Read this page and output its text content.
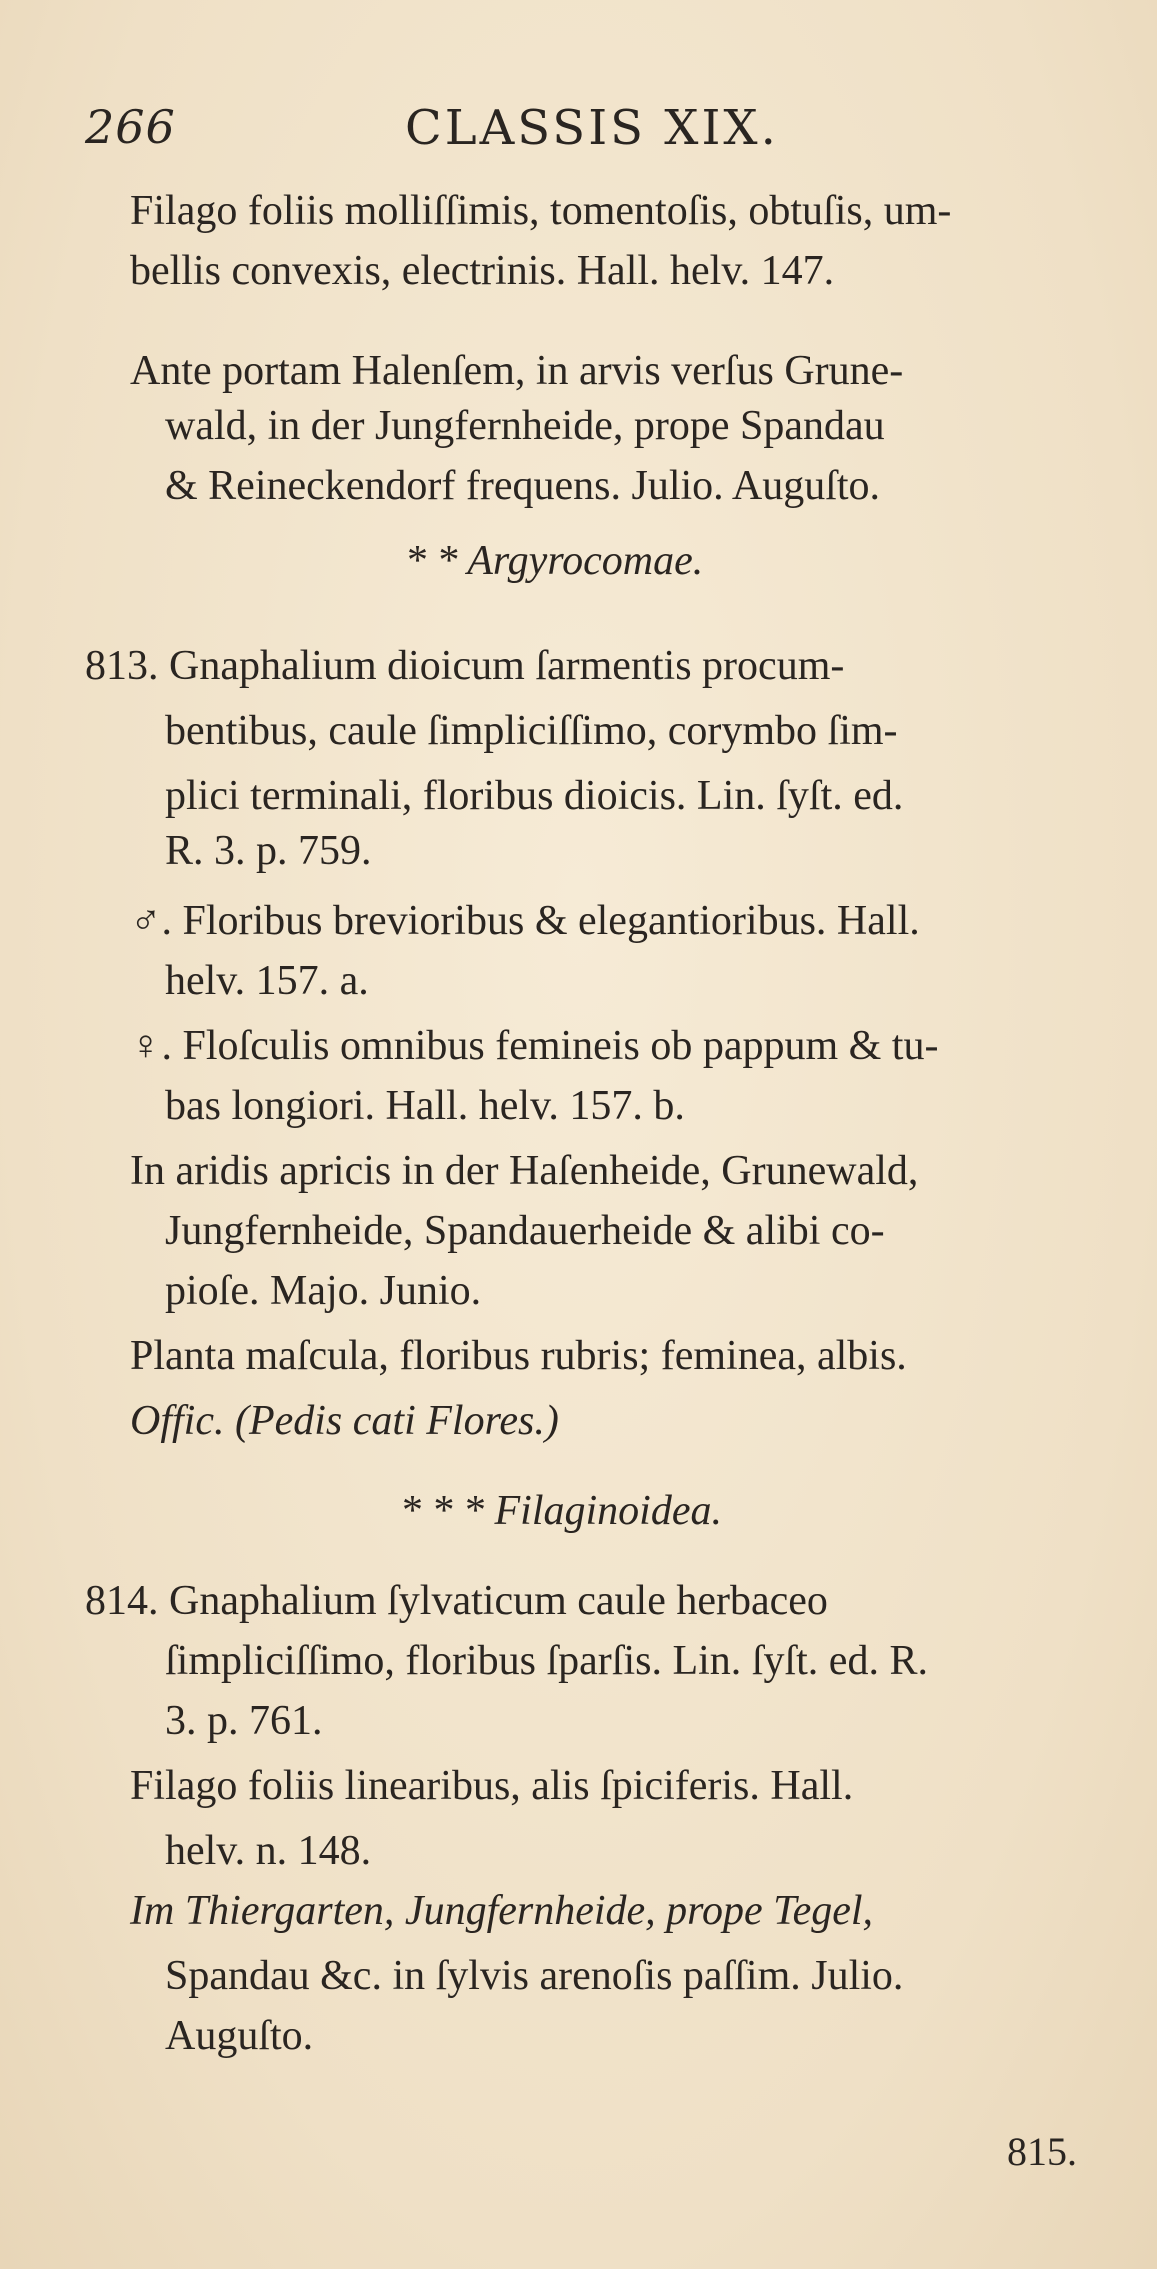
266	CLASSIS XIX.
Filago foliis molliſſimis, tomentoſis, obtuſis, um-
bellis convexis, electrinis. Hall. helv. 147.
Ante portam Halenſem, in arvis verſus Grune-
wald, in der Jungfernheide, prope Spandau
& Reineckendorf frequens. Julio. Auguſto.
* * Argyrocomae.
813. Gnaphalium dioicum ſarmentis procum-
bentibus, caule ſimpliciſſimo, corymbo ſim-
plici terminali, floribus dioicis. Lin. ſyſt. ed.
R. 3. p. 759.
♂. Floribus brevioribus & elegantioribus. Hall.
helv. 157. a.
♀. Floſculis omnibus femineis ob pappum & tu-
bas longiori. Hall. helv. 157. b.
In aridis apricis in der Haſenheide, Grunewald,
Jungfernheide, Spandauerheide & alibi co-
pioſe. Majo. Junio.
Planta maſcula, floribus rubris; feminea, albis.
Offic. (Pedis cati Flores.)
* * * Filaginoidea.
814. Gnaphalium ſylvaticum caule herbaceo
ſimpliciſſimo, floribus ſparſis. Lin. ſyſt. ed. R.
3. p. 761.
Filago foliis linearibus, alis ſpiciferis. Hall.
helv. n. 148.
Im Thiergarten, Jungfernheide, prope Tegel,
Spandau &c. in ſylvis arenoſis paſſim. Julio.
Auguſto.
815.
